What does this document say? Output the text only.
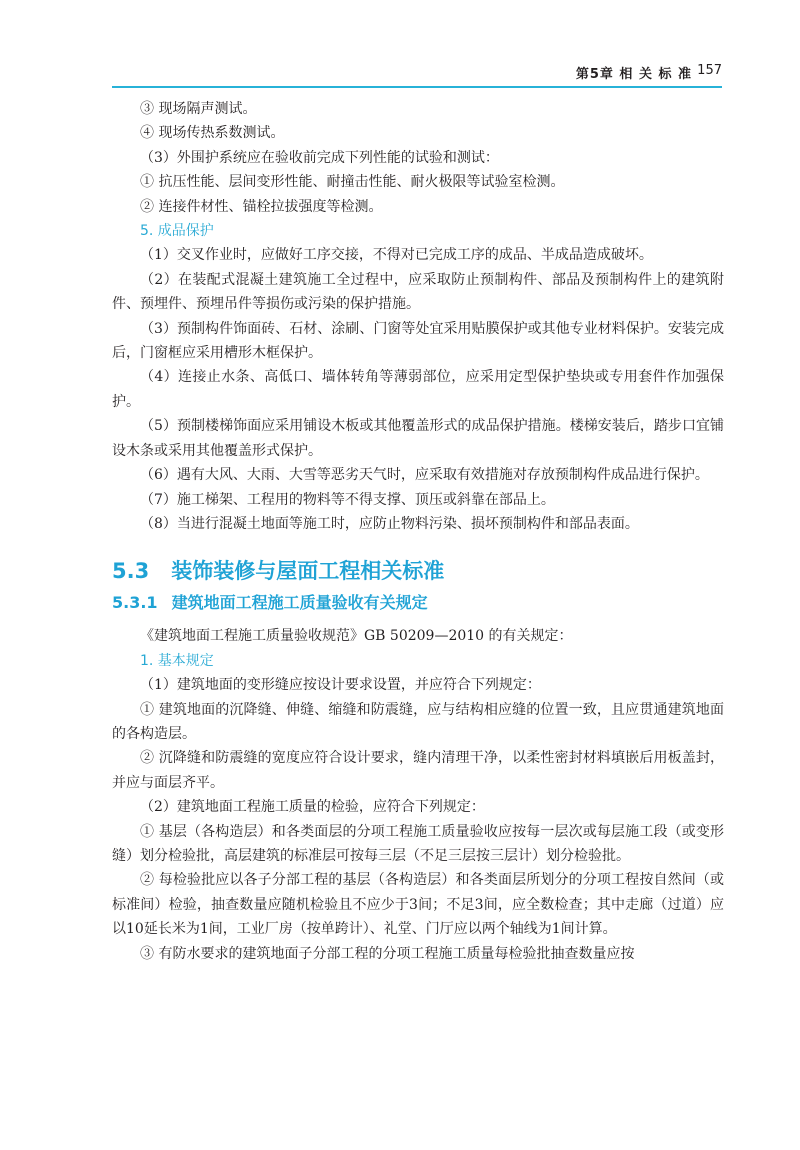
第5章 相 关 标 准 157

③ 现场隔声测试。

④ 现场传热系数测试。

（3）外围护系统应在验收前完成下列性能的试验和测试：

① 抗压性能、层间变形性能、耐撞击性能、耐火极限等试验室检测。

② 连接件材性、锚栓拉拔强度等检测。

5. 成品保护

（1）交叉作业时，应做好工序交接，不得对已完成工序的成品、半成品造成破坏。

（2）在装配式混凝土建筑施工全过程中，应采取防止预制构件、部品及预制构件上的建筑附件、预埋件、预埋吊件等损伤或污染的保护措施。

（3）预制构件饰面砖、石材、涂刷、门窗等处宜采用贴膜保护或其他专业材料保护。安装完成后，门窗框应采用槽形木框保护。

（4）连接止水条、高低口、墙体转角等薄弱部位，应采用定型保护垫块或专用套件作加强保护。

（5）预制楼梯饰面应采用铺设木板或其他覆盖形式的成品保护措施。楼梯安装后，踏步口宜铺设木条或采用其他覆盖形式保护。

（6）遇有大风、大雨、大雪等恶劣天气时，应采取有效措施对存放预制构件成品进行保护。

（7）施工梯架、工程用的物料等不得支撑、顶压或斜靠在部品上。

（8）当进行混凝土地面等施工时，应防止物料污染、损坏预制构件和部品表面。

5.3 装饰装修与屋面工程相关标准
5.3.1 建筑地面工程施工质量验收有关规定

《建筑地面工程施工质量验收规范》GB 50209—2010 的有关规定：

1. 基本规定

（1）建筑地面的变形缝应按设计要求设置，并应符合下列规定：

① 建筑地面的沉降缝、伸缝、缩缝和防震缝，应与结构相应缝的位置一致，且应贯通建筑地面的各构造层。

② 沉降缝和防震缝的宽度应符合设计要求，缝内清理干净，以柔性密封材料填嵌后用板盖封，并应与面层齐平。

（2）建筑地面工程施工质量的检验，应符合下列规定：

① 基层（各构造层）和各类面层的分项工程施工质量验收应按每一层次或每层施工段（或变形缝）划分检验批，高层建筑的标准层可按每三层（不足三层按三层计）划分检验批。

② 每检验批应以各子分部工程的基层（各构造层）和各类面层所划分的分项工程按自然间（或标准间）检验，抽查数量应随机检验且不应少于3间；不足3间，应全数检查；其中走廊（过道）应以10延长米为1间，工业厂房（按单跨计）、礼堂、门厅应以两个轴线为1间计算。

③ 有防水要求的建筑地面子分部工程的分项工程施工质量每检验批抽查数量应按
